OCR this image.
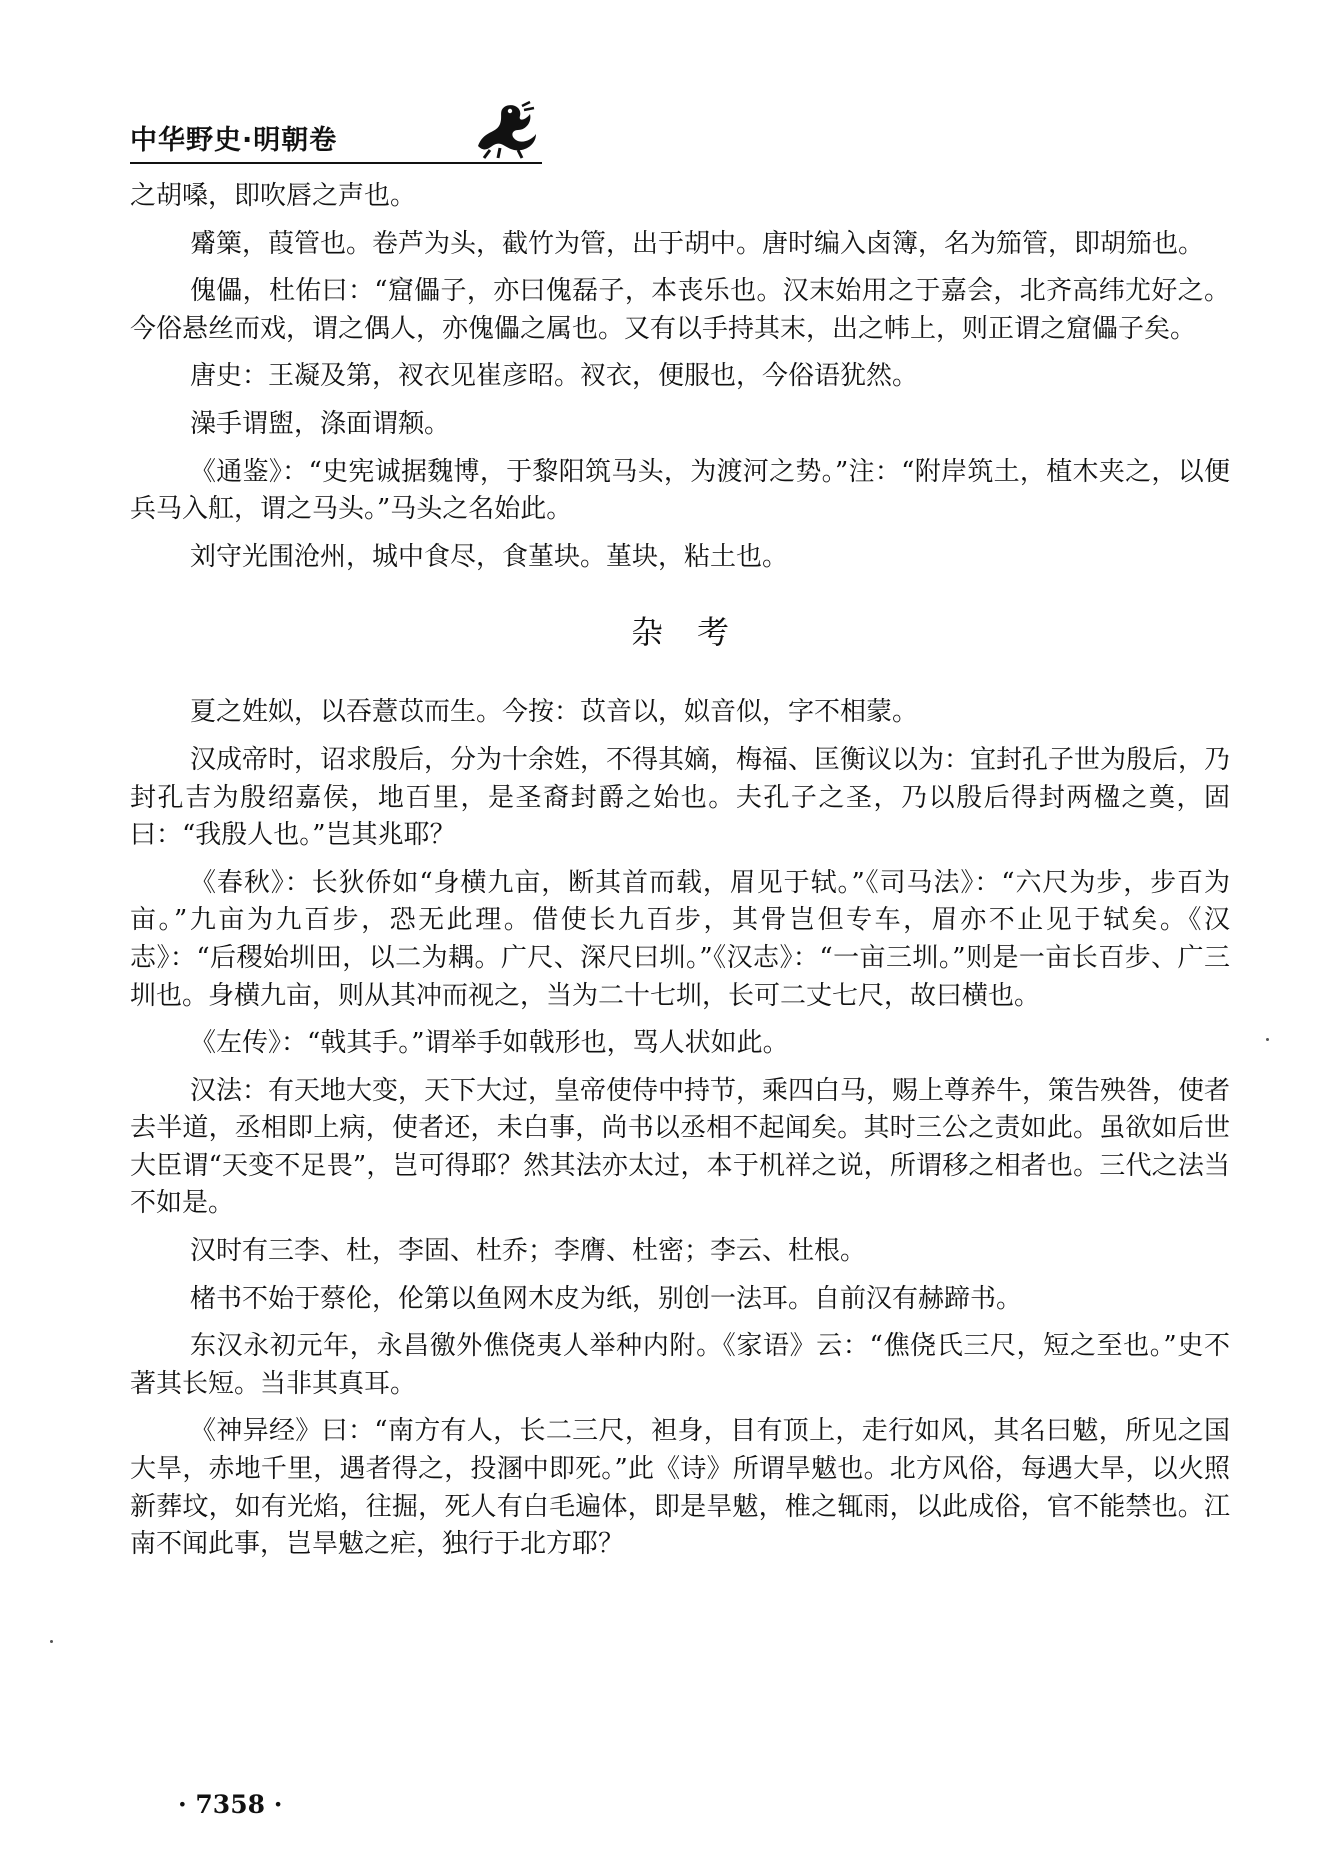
中华野史·明朝卷

之胡嗓，即吹唇之声也。

觱篥，葭管也。卷芦为头，截竹为管，出于胡中。唐时编入卤簿，名为笳管，即胡笳也。

傀儡，杜佑曰：“窟儡子，亦曰傀磊子，本丧乐也。汉末始用之于嘉会，北齐高纬尤好之。今俗悬丝而戏，谓之偶人，亦傀儡之属也。又有以手持其末，出之帏上，则正谓之窟儡子矣。

唐史：王凝及第，衩衣见崔彦昭。衩衣，便服也，今俗语犹然。

澡手谓盥，涤面谓颒。

《通鉴》：“史宪诚据魏博，于黎阳筑马头，为渡河之势。”注：“附岸筑土，植木夹之，以便兵马入舡，谓之马头。”马头之名始此。

刘守光围沧州，城中食尽，食堇块。堇块，粘土也。

杂考

夏之姓姒，以吞薏苡而生。今按：苡音以，姒音似，字不相蒙。

汉成帝时，诏求殷后，分为十余姓，不得其嫡，梅福、匡衡议以为：宜封孔子世为殷后，乃封孔吉为殷绍嘉侯，地百里，是圣裔封爵之始也。夫孔子之圣，乃以殷后得封两楹之奠，固曰：“我殷人也。”岂其兆耶？

《春秋》：长狄侨如“身横九亩，断其首而载，眉见于轼。”《司马法》：“六尺为步，步百为亩。”九亩为九百步，恐无此理。借使长九百步，其骨岂但专车，眉亦不止见于轼矣。《汉志》：“后稷始圳田，以二为耦。广尺、深尺曰圳。”《汉志》：“一亩三圳。”则是一亩长百步、广三圳也。身横九亩，则从其冲而视之，当为二十七圳，长可二丈七尺，故曰横也。

《左传》：“戟其手。”谓举手如戟形也，骂人状如此。

汉法：有天地大变，天下大过，皇帝使侍中持节，乘四白马，赐上尊养牛，策告殃咎，使者去半道，丞相即上病，使者还，未白事，尚书以丞相不起闻矣。其时三公之责如此。虽欲如后世大臣谓“天变不足畏”，岂可得耶？然其法亦太过，本于机祥之说，所谓移之相者也。三代之法当不如是。

汉时有三李、杜，李固、杜乔；李膺、杜密；李云、杜根。

楮书不始于蔡伦，伦第以鱼网木皮为纸，别创一法耳。自前汉有赫蹄书。

东汉永初元年，永昌徼外僬侥夷人举种内附。《家语》云：“僬侥氏三尺，短之至也。”史不著其长短。当非其真耳。

《神异经》曰：“南方有人，长二三尺，袒身，目有顶上，走行如风，其名曰魃，所见之国大旱，赤地千里，遇者得之，投溷中即死。”此《诗》所谓旱魃也。北方风俗，每遇大旱，以火照新葬坟，如有光焰，往掘，死人有白毛遍体，即是旱魃，椎之辄雨，以此成俗，官不能禁也。江南不闻此事，岂旱魃之疟，独行于北方耶？

· 7358 ·
